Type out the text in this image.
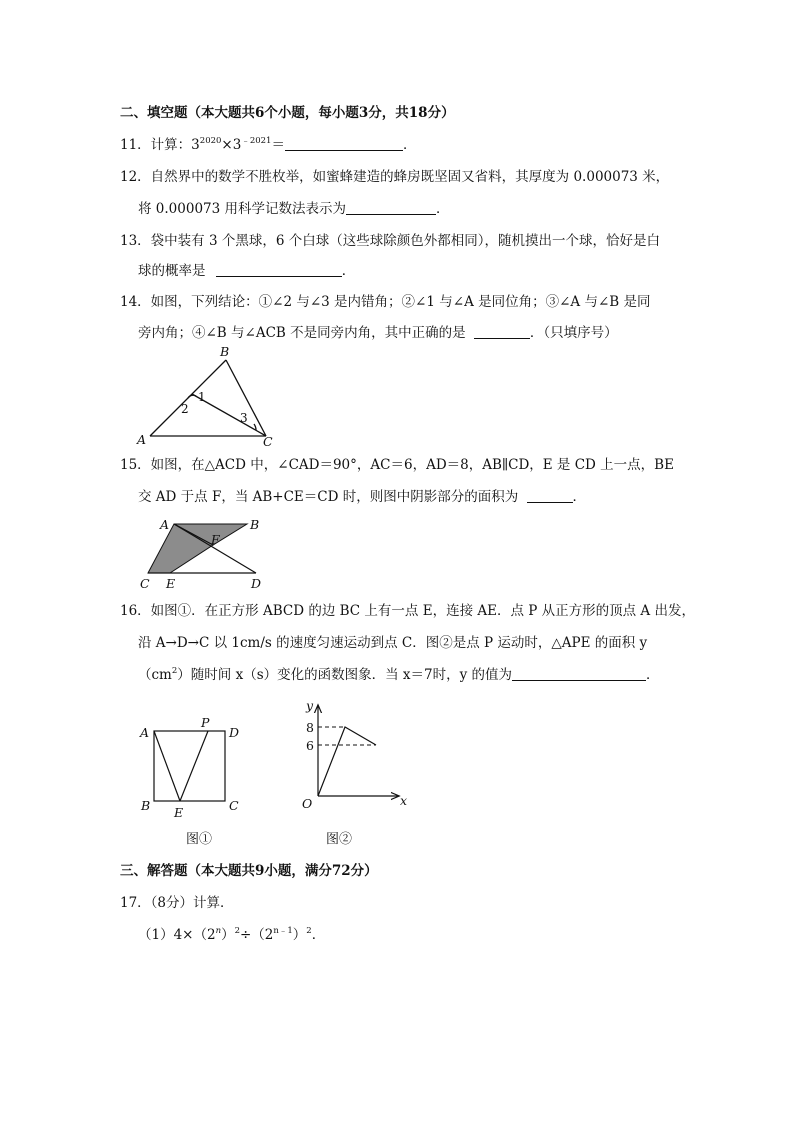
二、填空题（本大题共6个小题，每小题3分，共18分）
11．计算：$3^{2020}\times 3^{﹣2021}=$	．
12．自然界中的数学不胜枚举，如蜜蜂建造的蜂房既坚固又省料，其厚度为 0.000073 米，
将 0.000073 用科学记数法表示为	．
13．袋中装有 3 个黑球，6 个白球（这些球除颜色外都相同），随机摸出一个球，恰好是白
球的概率是	．
14．如图，下列结论：①∠2 与∠3 是内错角；②∠1 与∠A 是同位角；③∠A 与∠B 是同
旁内角；④∠B 与∠ACB 不是同旁内角，其中正确的是	．（只填序号）
A
B
C
1
2
3
15．如图，在△ACD 中，∠CAD＝90°，AC＝6，AD＝8，AB∥CD，E 是 CD 上一点，BE
交 AD 于点 F，当 AB+CE＝CD 时，则图中阴影部分的面积为	．
A	B
C E	D
F
16．如图①．在正方形 ABCD 的边 BC 上有一点 E，连接 AE．点 P 从正方形的顶点 A 出发，
沿 A→D→C 以 1cm/s 的速度匀速运动到点 C．图②是点 P 运动时，△APE 的面积 y
$(cm^2)$随时间 x（s）变化的函数图象．当 x＝7时，y 的值为	．
A
P
D
B E	C
图①
y
x
O
8
6
图②
三、解答题（本大题共9小题，满分72分）
17．（8分）计算．
$(1)4\times(2^n)^2\div(2^{n﹣1})^2$．
